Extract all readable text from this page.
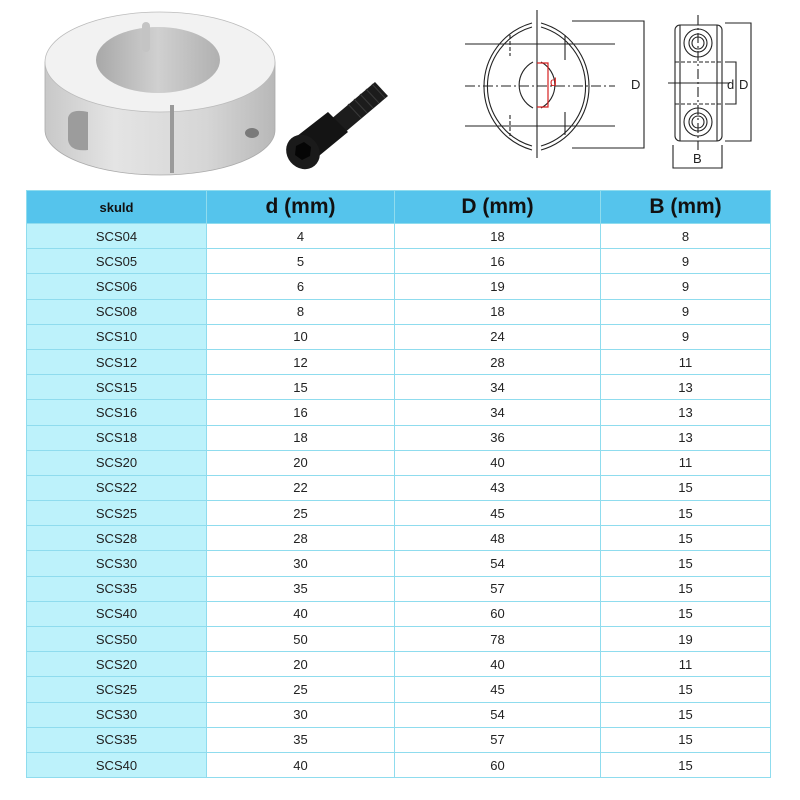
d	D	d D
B
skuld	d (mm)	D (mm)	B (mm)
SCS04	4	18	8
SCS05	5	16	9
SCS06	6	19	9
SCS08	8	18	9
SCS10	10	24	9
SCS12	12	28	11
SCS15	15	34	13
SCS16	16	34	13
SCS18	18	36	13
SCS20	20	40	11
SCS22	22	43	15
SCS25	25	45	15
SCS28	28	48	15
SCS30	30	54	15
SCS35	35	57	15
SCS40	40	60	15
SCS50	50	78	19
SCS20	20	40	11
SCS25	25	45	15
SCS30	30	54	15
SCS35	35	57	15
SCS40	40	60	15
